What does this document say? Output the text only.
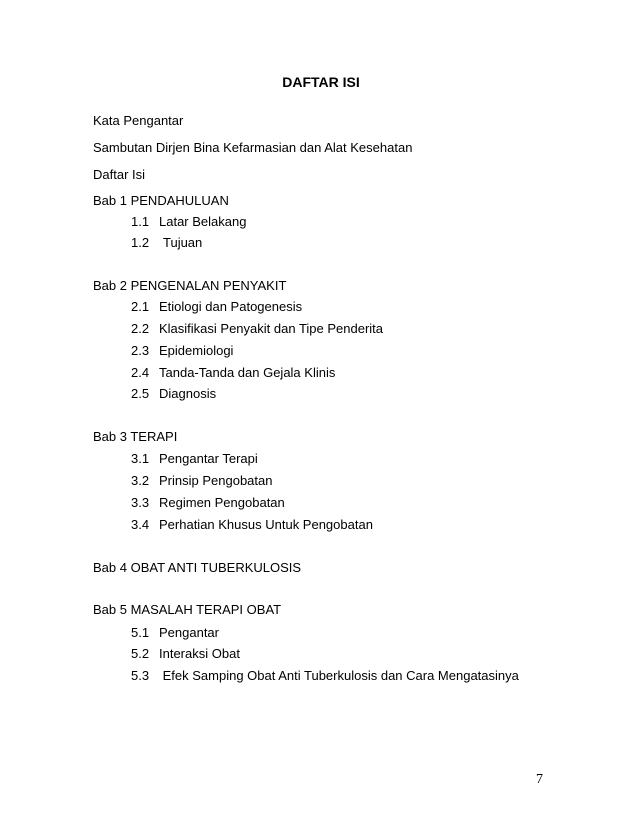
DAFTAR ISI
Kata Pengantar
Sambutan Dirjen Bina Kefarmasian dan Alat Kesehatan
Daftar Isi
Bab 1 PENDAHULUAN
1.1 Latar Belakang
1.2 Tujuan
Bab 2 PENGENALAN PENYAKIT
2.1 Etiologi dan Patogenesis
2.2 Klasifikasi Penyakit dan Tipe Penderita
2.3 Epidemiologi
2.4 Tanda-Tanda dan Gejala Klinis
2.5 Diagnosis
Bab 3 TERAPI
3.1 Pengantar Terapi
3.2 Prinsip Pengobatan
3.3 Regimen Pengobatan
3.4 Perhatian Khusus Untuk Pengobatan
Bab 4 OBAT ANTI TUBERKULOSIS
Bab 5 MASALAH TERAPI OBAT
5.1 Pengantar
5.2 Interaksi Obat
5.3 Efek Samping Obat Anti Tuberkulosis dan Cara Mengatasinya
7
